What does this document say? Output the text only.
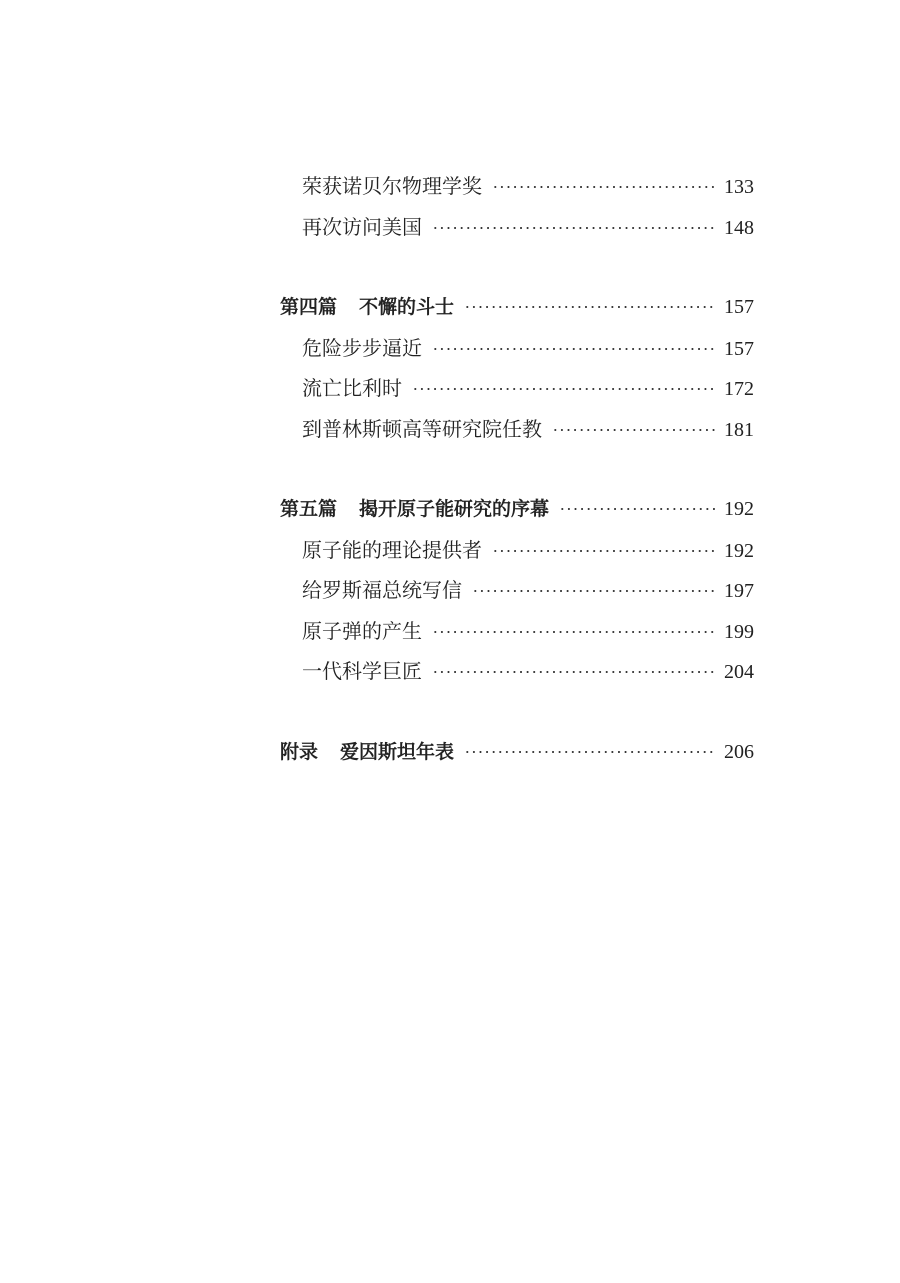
荣获诺贝尔物理学奖	133
再次访问美国	148
第四篇 不懈的斗士	157
危险步步逼近	157
流亡比利时	172
到普林斯顿高等研究院任教	181
第五篇 揭开原子能研究的序幕	192
原子能的理论提供者	192
给罗斯福总统写信	197
原子弹的产生	199
一代科学巨匠	204
附录 爱因斯坦年表	206
